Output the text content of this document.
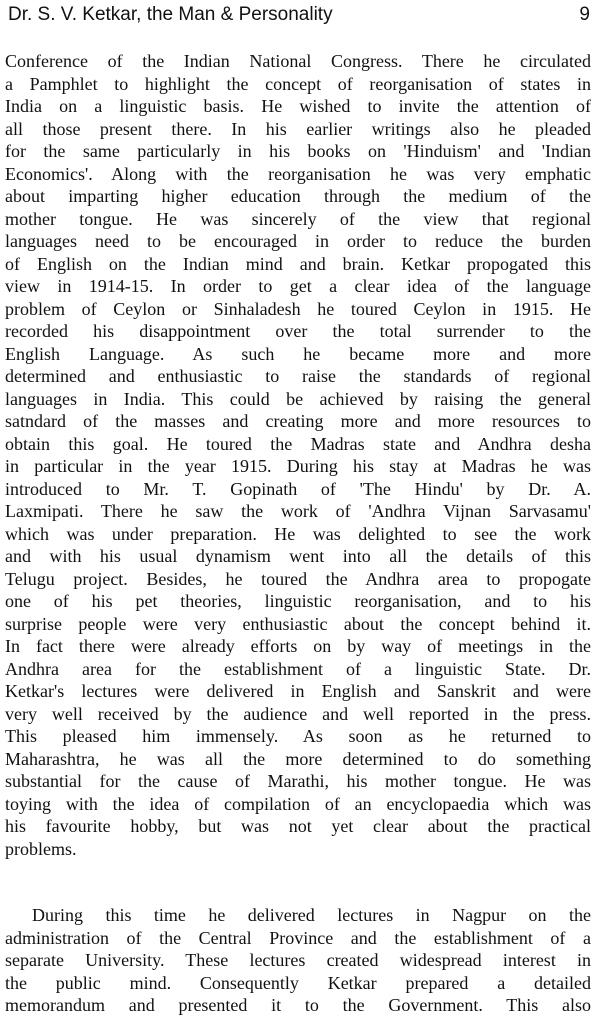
Dr. S. V. Ketkar, the Man & Personality	9
Conference of the Indian National Congress. There he circulated
a Pamphlet to highlight the concept of reorganisation of states in
India on a linguistic basis. He wished to invite the attention of
all those present there. In his earlier writings also he pleaded
for the same particularly in his books on 'Hinduism' and 'Indian
Economics'. Along with the reorganisation he was very emphatic
about imparting higher education through the medium of the
mother tongue. He was sincerely of the view that regional
languages need to be encouraged in order to reduce the burden
of English on the Indian mind and brain. Ketkar propogated this
view in 1914-15. In order to get a clear idea of the language
problem of Ceylon or Sinhaladesh he toured Ceylon in 1915. He
recorded his disappointment over the total surrender to the
English Language. As such he became more and more
determined and enthusiastic to raise the standards of regional
languages in India. This could be achieved by raising the general
satndard of the masses and creating more and more resources to
obtain this goal. He toured the Madras state and Andhra desha
in particular in the year 1915. During his stay at Madras he was
introduced to Mr. T. Gopinath of 'The Hindu' by Dr. A.
Laxmipati. There he saw the work of 'Andhra Vijnan Sarvasamu'
which was under preparation. He was delighted to see the work
and with his usual dynamism went into all the details of this
Telugu project. Besides, he toured the Andhra area to propogate
one of his pet theories, linguistic reorganisation, and to his
surprise people were very enthusiastic about the concept behind it.
In fact there were already efforts on by way of meetings in the
Andhra area for the establishment of a linguistic State. Dr.
Ketkar's lectures were delivered in English and Sanskrit and were
very well received by the audience and well reported in the press.
This pleased him immensely. As soon as he returned to
Maharashtra, he was all the more determined to do something
substantial for the cause of Marathi, his mother tongue. He was
toying with the idea of compilation of an encyclopaedia which was
his favourite hobby, but was not yet clear about the practical
problems.
During this time he delivered lectures in Nagpur on the
administration of the Central Province and the establishment of a
separate University. These lectures created widespread interest in
the public mind. Consequently Ketkar prepared a detailed
memorandum and presented it to the Government. This also
